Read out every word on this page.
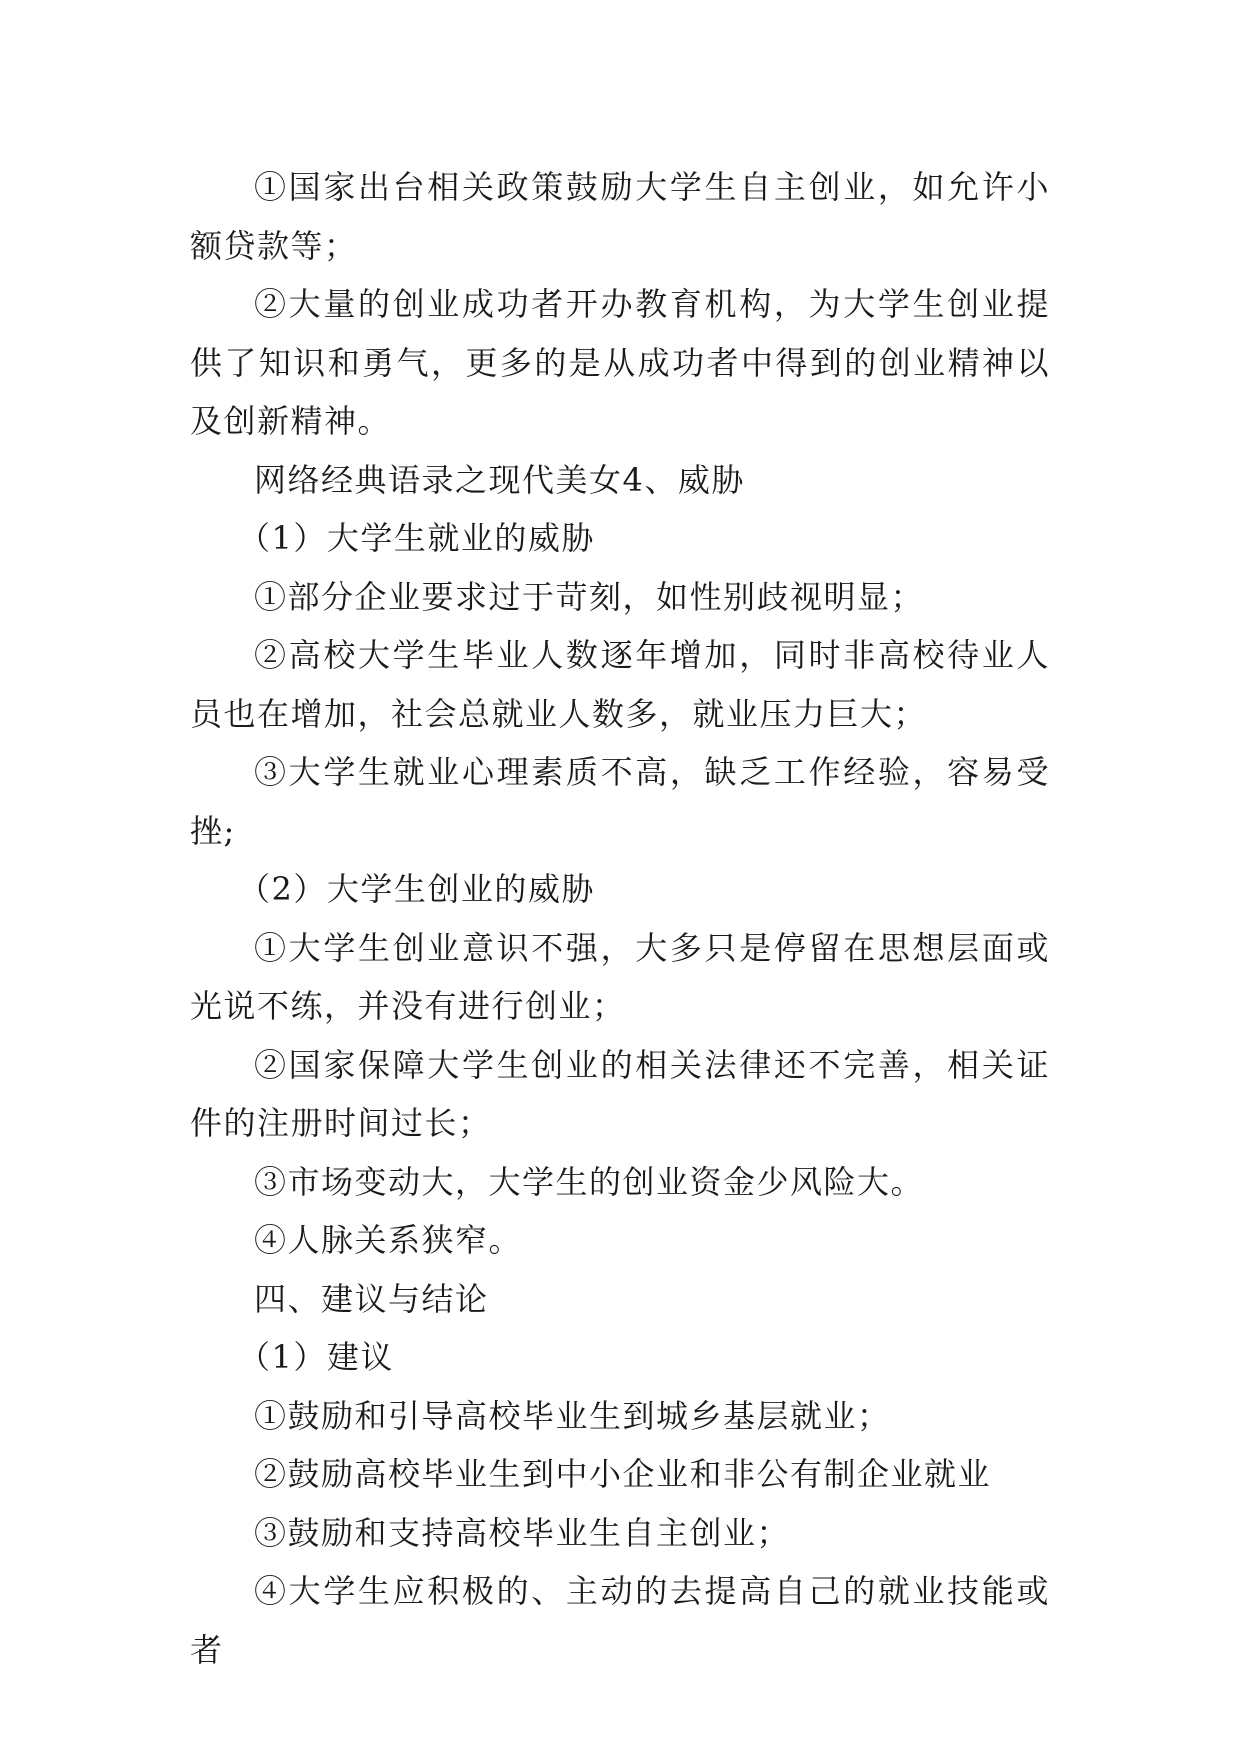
①国家出台相关政策鼓励大学生自主创业，如允许小额贷款等；

②大量的创业成功者开办教育机构，为大学生创业提供了知识和勇气，更多的是从成功者中得到的创业精神以及创新精神。

网络经典语录之现代美女4、威胁

（1）大学生就业的威胁

①部分企业要求过于苛刻，如性别歧视明显；

②高校大学生毕业人数逐年增加，同时非高校待业人员也在增加，社会总就业人数多，就业压力巨大；

③大学生就业心理素质不高，缺乏工作经验，容易受挫;

（2）大学生创业的威胁

①大学生创业意识不强，大多只是停留在思想层面或光说不练，并没有进行创业；

②国家保障大学生创业的相关法律还不完善，相关证件的注册时间过长；

③市场变动大，大学生的创业资金少风险大。

④人脉关系狭窄。

四、建议与结论

（1）建议

①鼓励和引导高校毕业生到城乡基层就业；

②鼓励高校毕业生到中小企业和非公有制企业就业

③鼓励和支持高校毕业生自主创业；

④大学生应积极的、主动的去提高自己的就业技能或者
